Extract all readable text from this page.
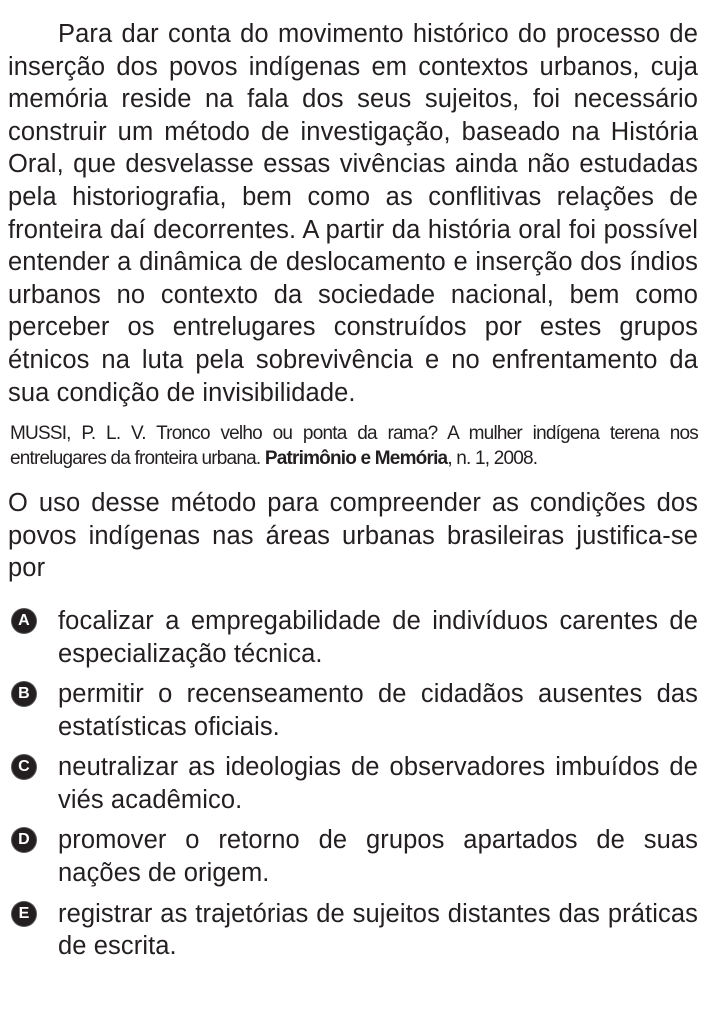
Para dar conta do movimento histórico do processo de inserção dos povos indígenas em contextos urbanos, cuja memória reside na fala dos seus sujeitos, foi necessário construir um método de investigação, baseado na História Oral, que desvelasse essas vivências ainda não estudadas pela historiografia, bem como as conflitivas relações de fronteira daí decorrentes. A partir da história oral foi possível entender a dinâmica de deslocamento e inserção dos índios urbanos no contexto da sociedade nacional, bem como perceber os entrelugares construídos por estes grupos étnicos na luta pela sobrevivência e no enfrentamento da sua condição de invisibilidade.

MUSSI, P. L. V. Tronco velho ou ponta da rama? A mulher indígena terena nos entrelugares da fronteira urbana. Patrimônio e Memória, n. 1, 2008.

O uso desse método para compreender as condições dos povos indígenas nas áreas urbanas brasileiras justifica-se por

A focalizar a empregabilidade de indivíduos carentes de especialização técnica.
B permitir o recenseamento de cidadãos ausentes das estatísticas oficiais.
C neutralizar as ideologias de observadores imbuídos de viés acadêmico.
D promover o retorno de grupos apartados de suas nações de origem.
E registrar as trajetórias de sujeitos distantes das práticas de escrita.
